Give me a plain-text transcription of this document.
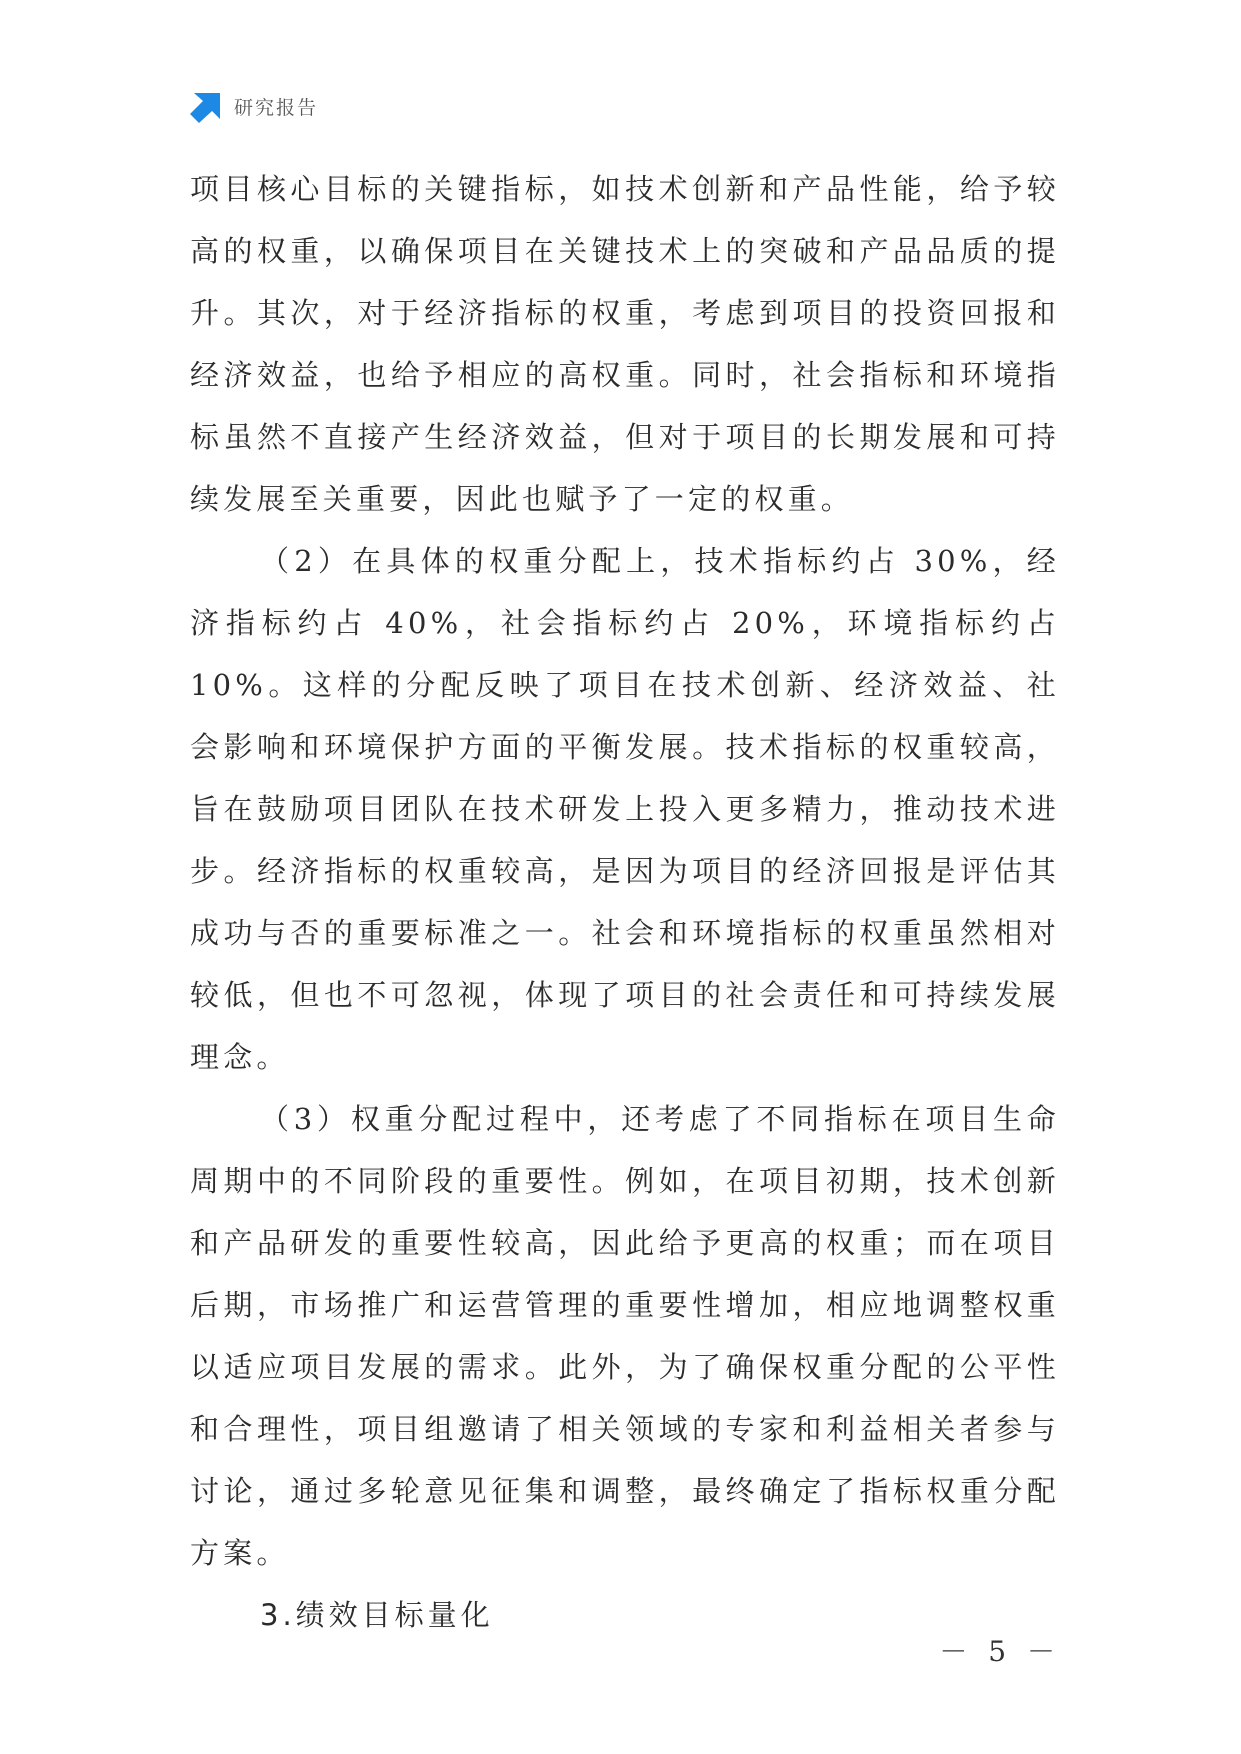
研究报告

项目核心目标的关键指标，如技术创新和产品性能，给予较高的权重，以确保项目在关键技术上的突破和产品品质的提升。其次，对于经济指标的权重，考虑到项目的投资回报和经济效益，也给予相应的高权重。同时，社会指标和环境指标虽然不直接产生经济效益，但对于项目的长期发展和可持续发展至关重要，因此也赋予了一定的权重。

（2）在具体的权重分配上，技术指标约占 30%，经济指标约占 40%，社会指标约占 20%，环境指标约占 10%。这样的分配反映了项目在技术创新、经济效益、社会影响和环境保护方面的平衡发展。技术指标的权重较高，旨在鼓励项目团队在技术研发上投入更多精力，推动技术进步。经济指标的权重较高，是因为项目的经济回报是评估其成功与否的重要标准之一。社会和环境指标的权重虽然相对较低，但也不可忽视，体现了项目的社会责任和可持续发展理念。

（3）权重分配过程中，还考虑了不同指标在项目生命周期中的不同阶段的重要性。例如，在项目初期，技术创新和产品研发的重要性较高，因此给予更高的权重；而在项目后期，市场推广和运营管理的重要性增加，相应地调整权重以适应项目发展的需求。此外，为了确保权重分配的公平性和合理性，项目组邀请了相关领域的专家和利益相关者参与讨论，通过多轮意见征集和调整，最终确定了指标权重分配方案。

3.绩效目标量化

－ 5 －
